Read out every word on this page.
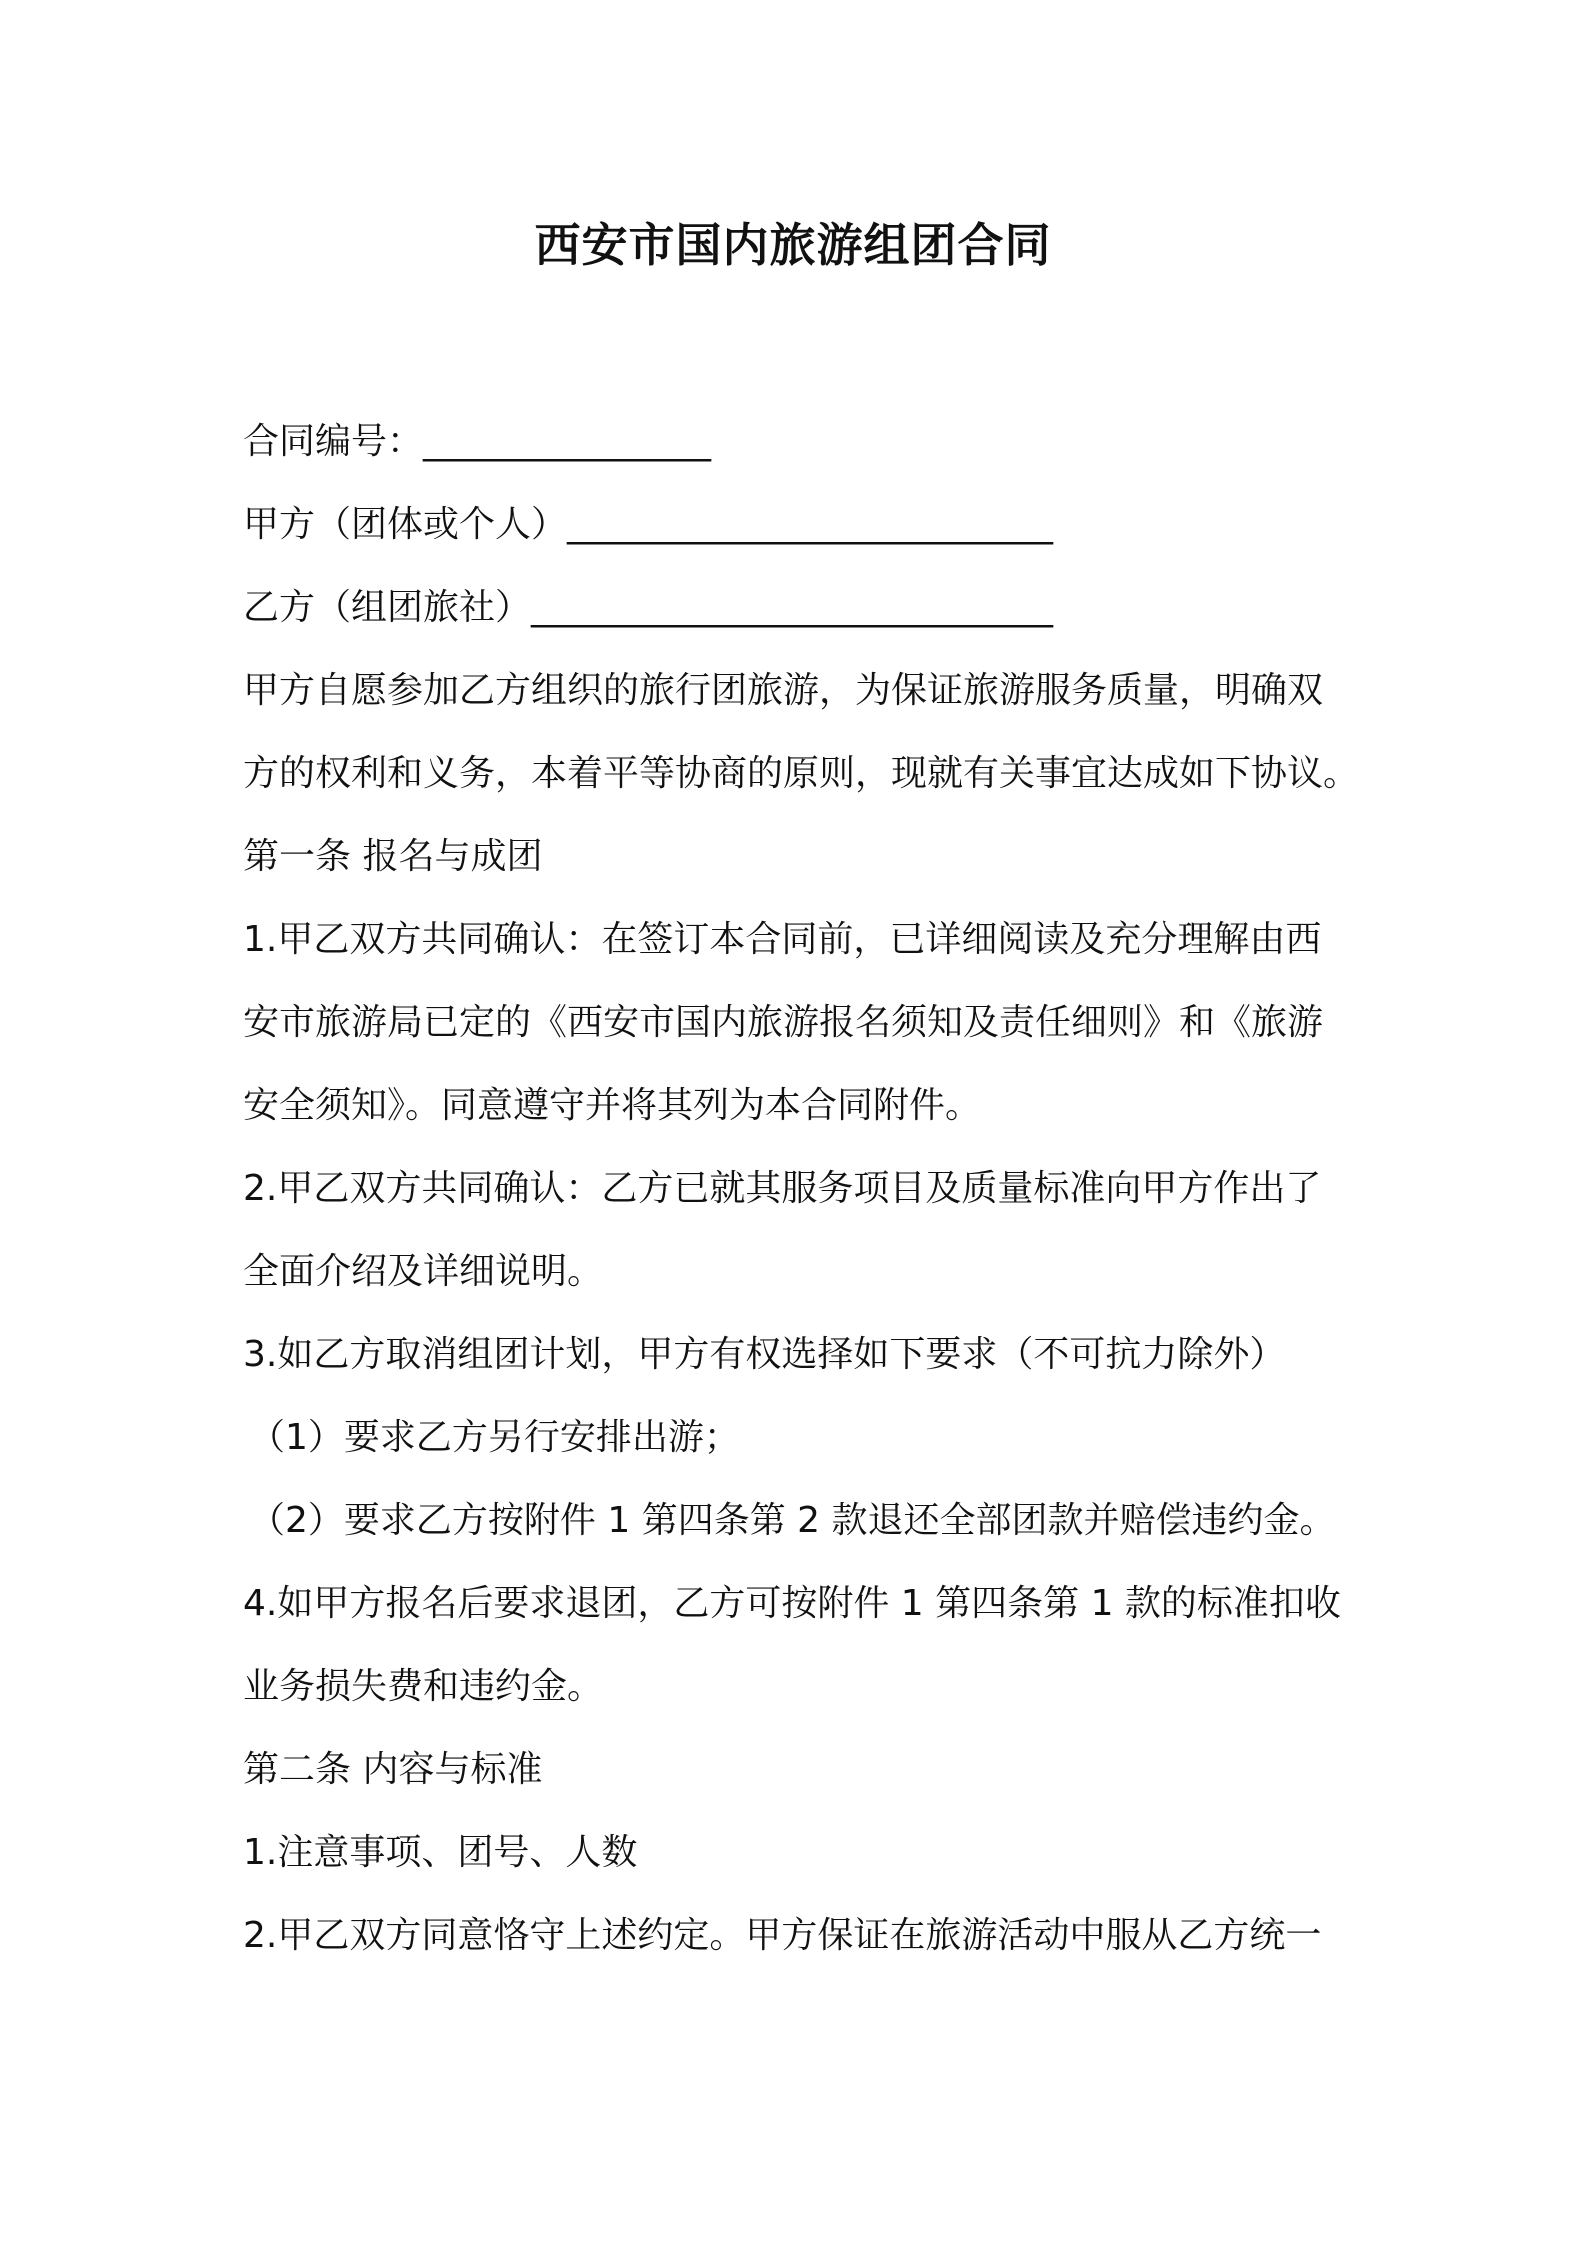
西安市国内旅游组团合同
合同编号：________________
甲方（团体或个人）___________________________
乙方（组团旅社）_____________________________
甲方自愿参加乙方组织的旅行团旅游，为保证旅游服务质量，明确双
方的权利和义务，本着平等协商的原则，现就有关事宜达成如下协议。
第一条 报名与成团
1.甲乙双方共同确认：在签订本合同前，已详细阅读及充分理解由西
安市旅游局已定的《西安市国内旅游报名须知及责任细则》和《旅游
安全须知》。同意遵守并将其列为本合同附件。
2.甲乙双方共同确认：乙方已就其服务项目及质量标准向甲方作出了
全面介绍及详细说明。
3.如乙方取消组团计划，甲方有权选择如下要求（不可抗力除外）
（1）要求乙方另行安排出游；
（2）要求乙方按附件 1 第四条第 2 款退还全部团款并赔偿违约金。
4.如甲方报名后要求退团，乙方可按附件 1 第四条第 1 款的标准扣收
业务损失费和违约金。
第二条 内容与标准
1.注意事项、团号、人数
2.甲乙双方同意恪守上述约定。甲方保证在旅游活动中服从乙方统一
